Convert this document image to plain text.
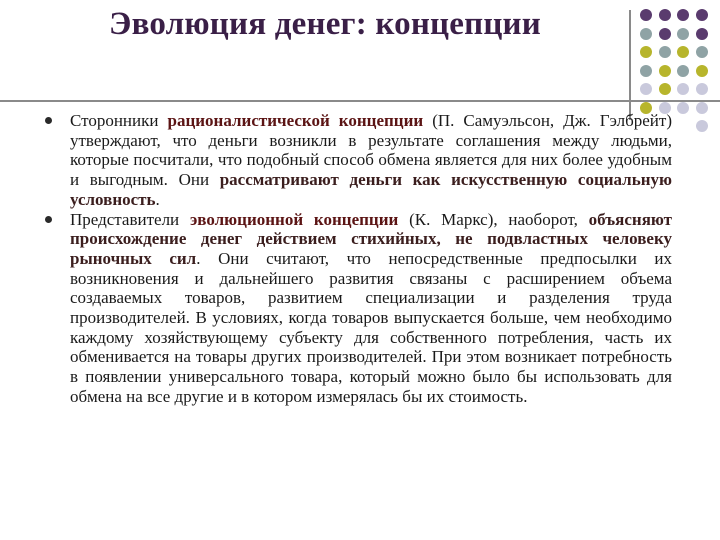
Эволюция денег: концепции

Сторонники рационалистической концепции (П. Самуэльсон, Дж. Гэлбрейт) утверждают, что деньги возникли в результате соглашения между людьми, которые посчитали, что подобный способ обмена является для них более удобным и выгодным. Они рассматривают деньги как искусственную социальную условность.

Представители эволюционной концепции (К. Маркс), наоборот, объясняют происхождение денег действием стихийных, не подвластных человеку рыночных сил. Они считают, что непосредственные предпосылки их возникновения и дальнейшего развития связаны с расширением объема создаваемых товаров, развитием специализации и разделения труда производителей. В условиях, когда товаров выпускается больше, чем необходимо каждому хозяйствующему субъекту для собственного потребления, часть их обменивается на товары других производителей. При этом возникает потребность в появлении универсального товара, который можно было бы использовать для обмена на все другие и в котором измерялась бы их стоимость.
